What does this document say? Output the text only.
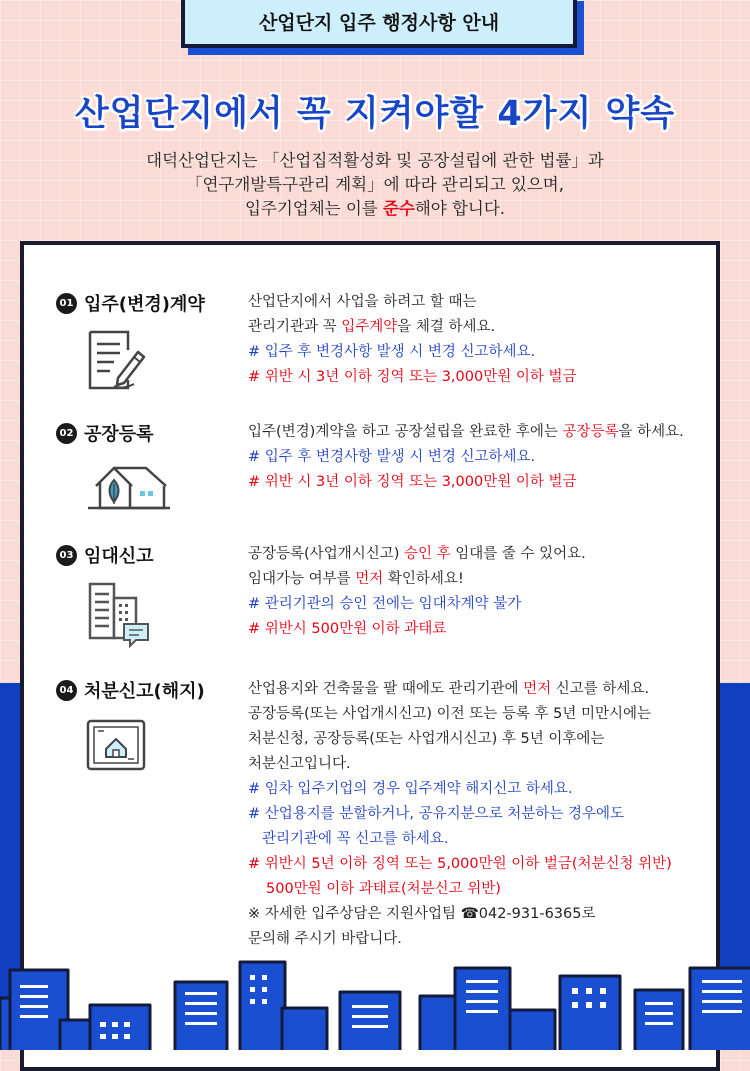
산업단지 입주 행정사항 안내
산업단지에서 꼭 지켜야할 4가지 약속
대덕산업단지는 「산업집적활성화 및 공장설립에 관한 법률」과
「연구개발특구관리 계획」에 따라 관리되고 있으며,
입주기업체는 이를 준수해야 합니다.
01 입주(변경)계약	산업단지에서 사업을 하려고 할 때는
관리기관과 꼭 입주계약을 체결 하세요.
# 입주 후 변경사항 발생 시 변경 신고하세요.
# 위반 시 3년 이하 징역 또는 3,000만원 이하 벌금
02 공장등록	입주(변경)계약을 하고 공장설립을 완료한 후에는 공장등록을 하세요.
# 입주 후 변경사항 발생 시 변경 신고하세요.
# 위반 시 3년 이하 징역 또는 3,000만원 이하 벌금
03 임대신고	공장등록(사업개시신고) 승인 후 임대를 줄 수 있어요.
임대가능 여부를 먼저 확인하세요!
# 관리기관의 승인 전에는 임대차계약 불가
# 위반시 500만원 이하 과태료
04 처분신고(해지)	산업용지와 건축물을 팔 때에도 관리기관에 먼저 신고를 하세요.
공장등록(또는 사업개시신고) 이전 또는 등록 후 5년 미만시에는
처분신청, 공장등록(또는 사업개시신고) 후 5년 이후에는
처분신고입니다.
# 임차 입주기업의 경우 입주계약 해지신고 하세요.
# 산업용지를 분할하거나, 공유지분으로 처분하는 경우에도
관리기관에 꼭 신고를 하세요.
# 위반시 5년 이하 징역 또는 5,000만원 이하 벌금(처분신청 위반)
500만원 이하 과태료(처분신고 위반)
※ 자세한 입주상담은 지원사업팀 ☎042-931-6365로
문의해 주시기 바랍니다.
